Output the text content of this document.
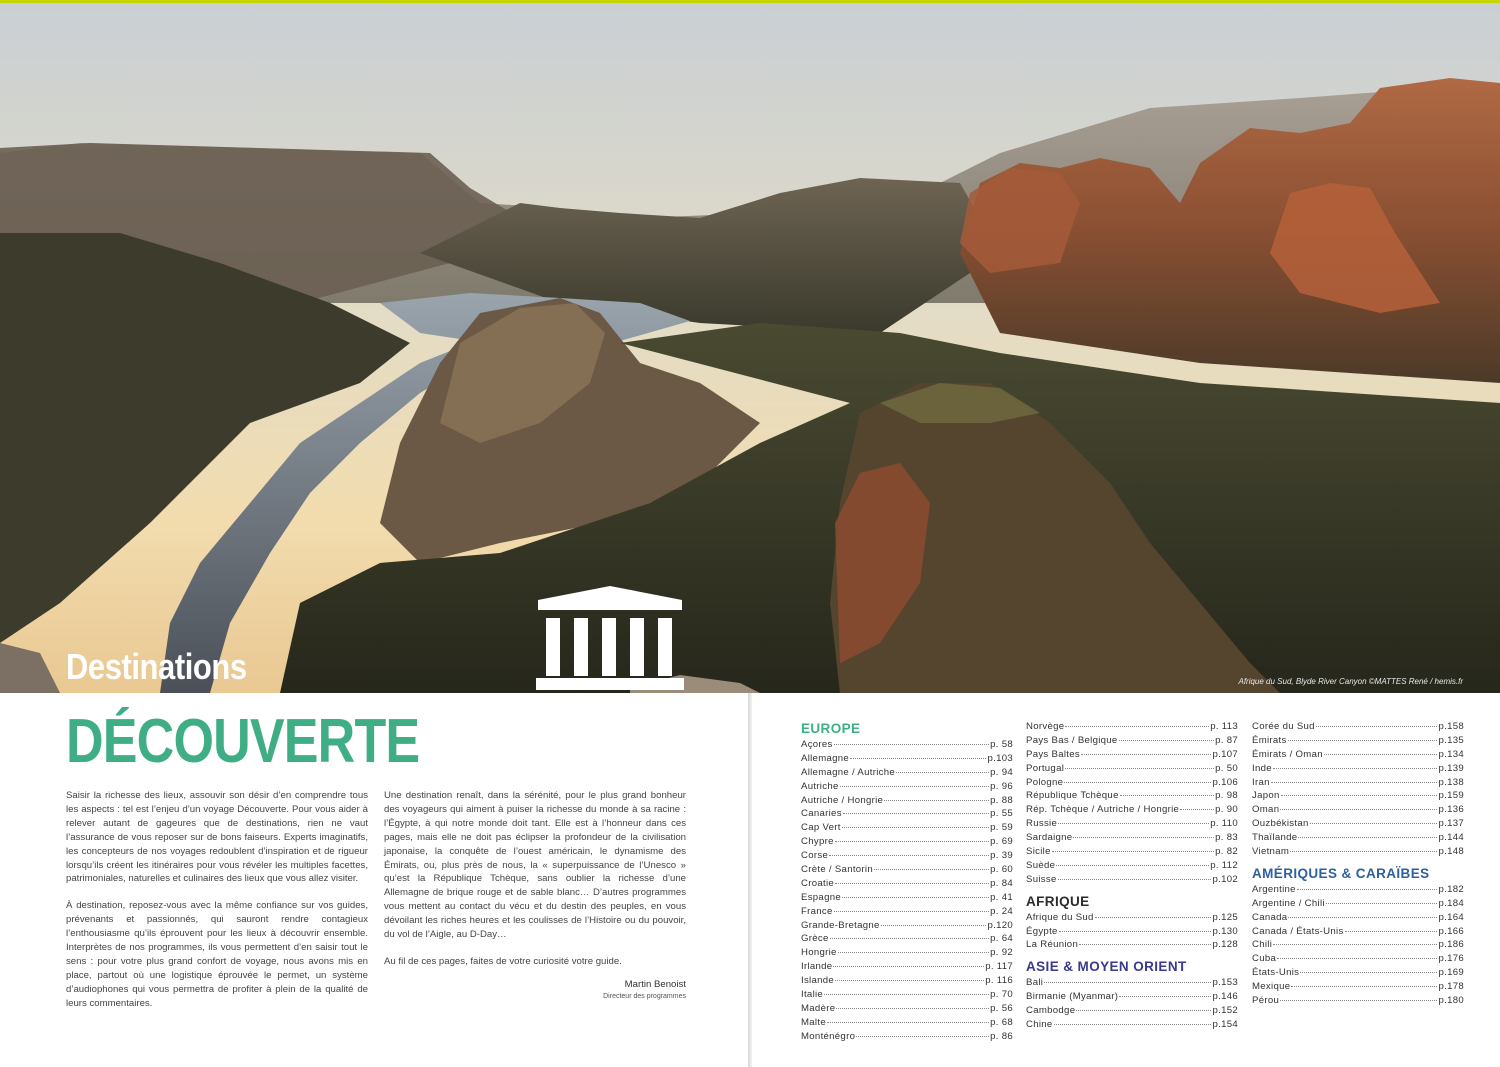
Destinations	Afrique du Sud, Blyde River Canyon ©MATTES René / hemis.fr
DÉCOUVERTE

Saisir la richesse des lieux, assouvir son désir d’en comprendre tous les aspects : tel est l’enjeu d’un voyage Découverte. Pour vous aider à relever autant de gageures que de destinations, rien ne vaut l’assurance de vous reposer sur de bons faiseurs. Experts imaginatifs, les concepteurs de nos voyages redoublent d’inspiration et de rigueur lorsqu’ils créent les itinéraires pour vous révéler les multiples facettes, patrimoniales, naturelles et culinaires des lieux que vous allez visiter.

À destination, reposez-vous avec la même confiance sur vos guides, prévenants et passionnés, qui sauront rendre contagieux l’enthousiasme qu’ils éprouvent pour les lieux à découvrir ensemble. Interprètes de nos programmes, ils vous permettent d’en saisir tout le sens : pour votre plus grand confort de voyage, nous avons mis en place, partout où une logistique éprouvée le permet, un système d’audiophones qui vous permettra de profiter à plein de la qualité de leurs commentaires.

Une destination renaît, dans la sérénité, pour le plus grand bonheur des voyageurs qui aiment à puiser la richesse du monde à sa racine : l’Égypte, à qui notre monde doit tant. Elle est à l’honneur dans ces pages, mais elle ne doit pas éclipser la profondeur de la civilisation japonaise, la conquête de l’ouest américain, le dynamisme des Émirats, ou, plus près de nous, la « superpuissance de l’Unesco » qu’est la République Tchèque, sans oublier la richesse d’une Allemagne de brique rouge et de sable blanc… D’autres programmes vous mettent au contact du vécu et du destin des peuples, en vous dévoilant les riches heures et les coulisses de l’Histoire ou du pouvoir, du vol de l’Aigle, au D-Day…

Au fil de ces pages, faites de votre curiosité votre guide.

Martin Benoist
Directeur des programmes
EUROPE
Açores	p. 58
Allemagne	p.103
Allemagne / Autriche	p. 94
Autriche	p. 96
Autriche / Hongrie	p. 88
Canaries	p. 55
Cap Vert	p. 59
Chypre	p. 69
Corse	p. 39
Crète / Santorin	p. 60
Croatie	p. 84
Espagne	p. 41
France	p. 24
Grande-Bretagne	p.120
Grèce	p. 64
Hongrie	p. 92
Irlande	p. 117
Islande	p. 116
Italie	p. 70
Madère	p. 56
Malte	p. 68
Monténégro	p. 86
Norvège	p. 113
Pays Bas / Belgique	p. 87
Pays Baltes	p.107
Portugal	p. 50
Pologne	p.106
République Tchèque	p. 98
Rép. Tchèque / Autriche / Hongrie	p. 90
Russie	p. 110
Sardaigne	p. 83
Sicile	p. 82
Suède	p. 112
Suisse	p.102
AFRIQUE
Afrique du Sud	p.125
Égypte	p.130
La Réunion	p.128
ASIE & MOYEN ORIENT
Bali	p.153
Birmanie (Myanmar)	p.146
Cambodge	p.152
Chine	p.154
Corée du Sud	p.158
Émirats	p.135
Émirats / Oman	p.134
Inde	p.139
Iran	p.138
Japon	p.159
Oman	p.136
Ouzbékistan	p.137
Thaïlande	p.144
Vietnam	p.148
AMÉRIQUES & CARAÏBES
Argentine	p.182
Argentine / Chili	p.184
Canada	p.164
Canada / États-Unis	p.166
Chili	p.186
Cuba	p.176
États-Unis	p.169
Mexique	p.178
Pérou	p.180
